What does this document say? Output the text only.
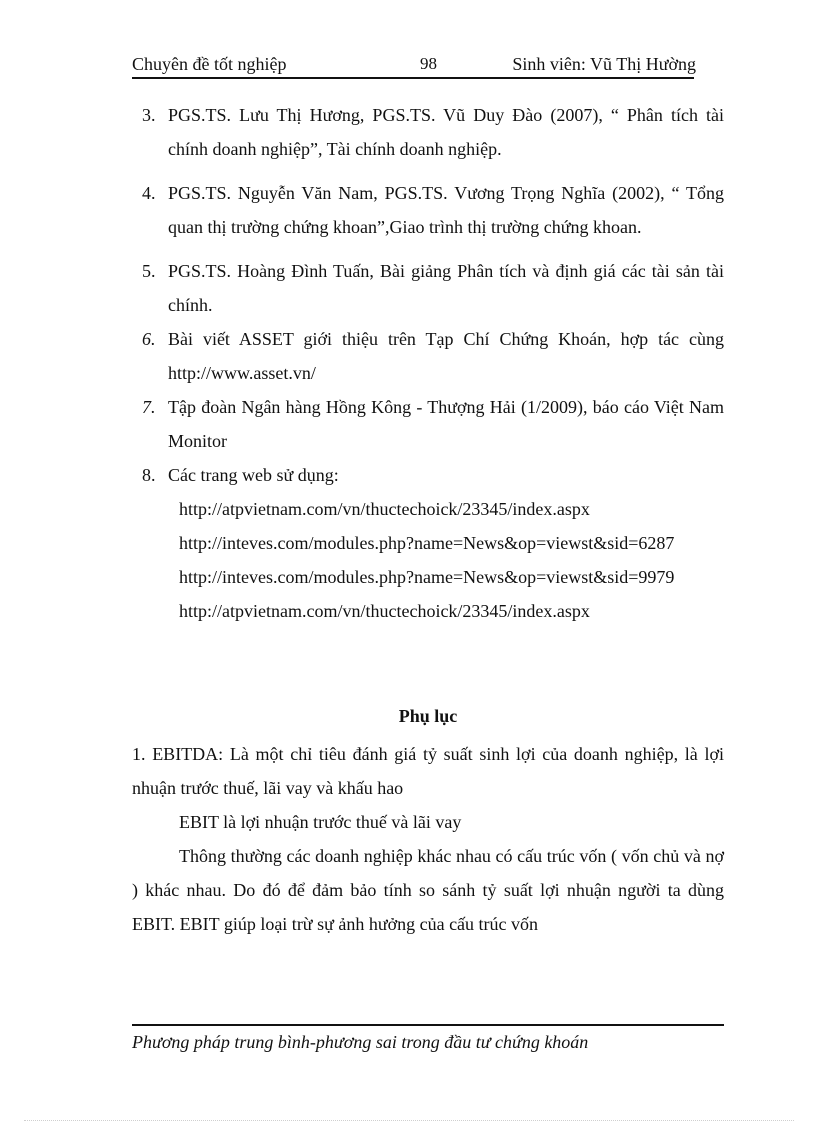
Chuyên đề tốt nghiệp	98	Sinh viên: Vũ Thị Hường
3. PGS.TS. Lưu Thị Hương, PGS.TS. Vũ Duy Đào (2007), “ Phân tích tài chính doanh nghiệp”, Tài chính doanh nghiệp.
4. PGS.TS. Nguyễn Văn Nam, PGS.TS. Vương Trọng Nghĩa (2002), “ Tổng quan thị trường chứng khoan”,Giao trình thị trường chứng khoan.
5. PGS.TS. Hoàng Đình Tuấn, Bài giảng Phân tích và định giá các tài sản tài chính.
6. Bài viết ASSET giới thiệu trên Tạp Chí Chứng Khoán, hợp tác cùng http://www.asset.vn/
7. Tập đoàn Ngân hàng Hồng Kông - Thượng Hải (1/2009), báo cáo Việt Nam Monitor
8. Các trang web sử dụng:
http://atpvietnam.com/vn/thuctechoick/23345/index.aspx
http://inteves.com/modules.php?name=News&op=viewst&sid=6287
http://inteves.com/modules.php?name=News&op=viewst&sid=9979
http://atpvietnam.com/vn/thuctechoick/23345/index.aspx
Phụ lục

1. EBITDA: Là một chỉ tiêu đánh giá tỷ suất sinh lợi của doanh nghiệp, là lợi nhuận trước thuế, lãi vay và khấu hao

EBIT là lợi nhuận trước thuế và lãi vay

Thông thường các doanh nghiệp khác nhau có cấu trúc vốn ( vốn chủ và nợ ) khác nhau. Do đó để đảm bảo tính so sánh tỷ suất lợi nhuận người ta dùng EBIT. EBIT giúp loại trừ sự ảnh hưởng của cấu trúc vốn

Phương pháp trung bình-phương sai trong đầu tư chứng khoán
